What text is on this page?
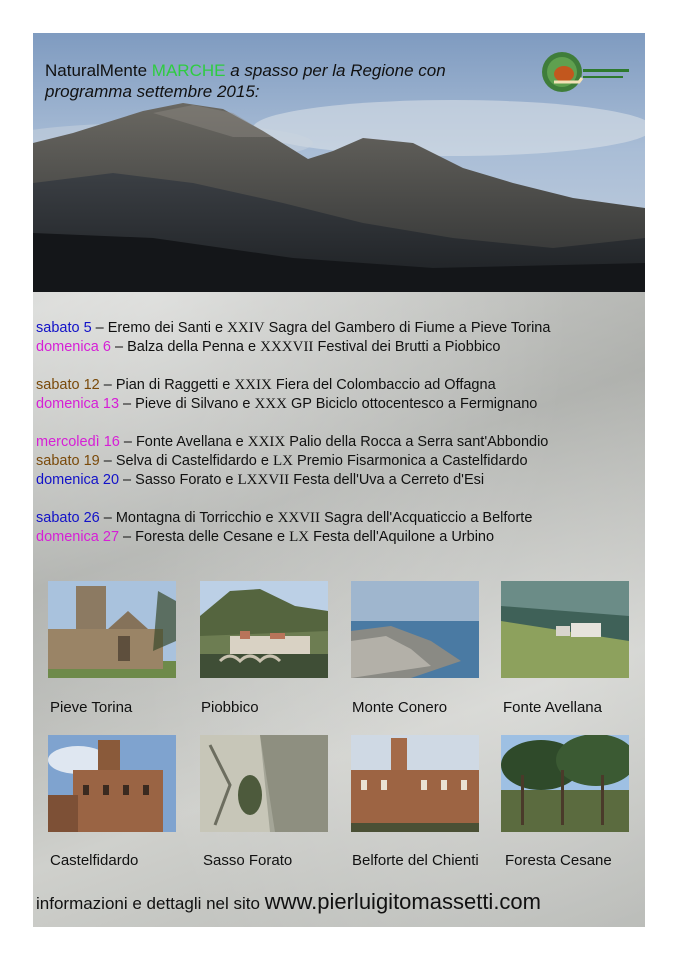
NaturalMente MARCHE a spasso per la Regione con
programma settembre 2015:
sabato 5 – Eremo dei Santi e XXIV Sagra del Gambero di Fiume a Pieve Torina
domenica 6 – Balza della Penna e XXXVII Festival dei Brutti a Piobbico
sabato 12 – Pian di Raggetti e XXIX Fiera del Colombaccio ad Offagna
domenica 13 – Pieve di Silvano e XXX GP Biciclo ottocentesco a Fermignano
mercoledì 16 – Fonte Avellana e XXIX Palio della Rocca a Serra sant'Abbondio
sabato 19 – Selva di Castelfidardo e LX Premio Fisarmonica a Castelfidardo
domenica 20 – Sasso Forato e LXXVII Festa dell'Uva a Cerreto d'Esi
sabato 26 – Montagna di Torricchio e XXVII Sagra dell'Acquaticcio a Belforte
domenica 27 – Foresta delle Cesane e LX Festa dell'Aquilone a Urbino
Pieve Torina	Piobbico	Monte Conero	Fonte Avellana
Castelfidardo	Sasso Forato	Belforte del Chienti Foresta Cesane
informazioni e dettagli nel sito www.pierluigitomassetti.com
